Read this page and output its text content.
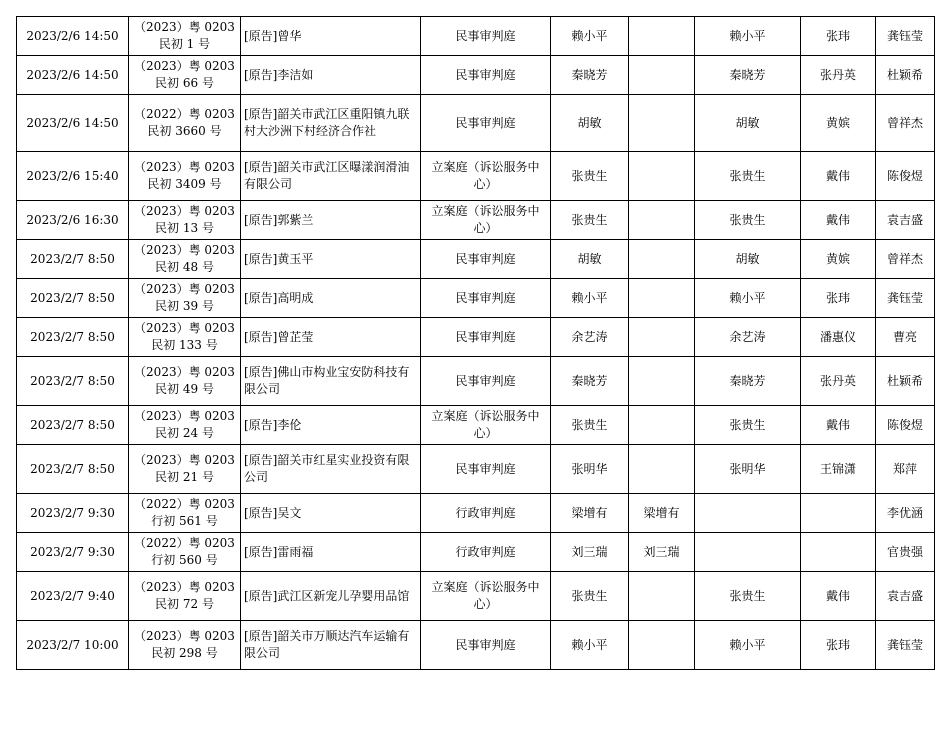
2023/2/6 14:50	（2023）粤 0203 民初 1 号	[原告]曾华	民事审判庭	赖小平		赖小平	张玮	龚钰莹
2023/2/6 14:50	（2023）粤 0203 民初 66 号	[原告]李洁如	民事审判庭	秦晓芳		秦晓芳	张丹英	杜颖希
2023/2/6 14:50	（2022）粤 0203 民初 3660 号	[原告]韶关市武江区重阳镇九联村大沙洲下村经济合作社	民事审判庭	胡敏		胡敏	黄嫔	曾祥杰
2023/2/6 15:40	（2023）粤 0203 民初 3409 号	[原告]韶关市武江区曝漾润滑油有限公司	立案庭（诉讼服务中心）	张贵生		张贵生	戴伟	陈俊煜
2023/2/6 16:30	（2023）粤 0203 民初 13 号	[原告]郭紫兰	立案庭（诉讼服务中心）	张贵生		张贵生	戴伟	袁吉盛
2023/2/7 8:50	（2023）粤 0203 民初 48 号	[原告]黄玉平	民事审判庭	胡敏		胡敏	黄嫔	曾祥杰
2023/2/7 8:50	（2023）粤 0203 民初 39 号	[原告]高明成	民事审判庭	赖小平		赖小平	张玮	龚钰莹
2023/2/7 8:50	（2023）粤 0203 民初 133 号	[原告]曾芷莹	民事审判庭	余艺涛		余艺涛	潘惠仪	曹亮
2023/2/7 8:50	（2023）粤 0203 民初 49 号	[原告]佛山市构业宝安防科技有限公司	民事审判庭	秦晓芳		秦晓芳	张丹英	杜颖希
2023/2/7 8:50	（2023）粤 0203 民初 24 号	[原告]李伦	立案庭（诉讼服务中心）	张贵生		张贵生	戴伟	陈俊煜
2023/2/7 8:50	（2023）粤 0203 民初 21 号	[原告]韶关市红星实业投资有限公司	民事审判庭	张明华		张明华	王锦潇	郑萍
2023/2/7 9:30	（2022）粤 0203 行初 561 号	[原告]吴文	行政审判庭	梁增有	梁增有			李优涵
2023/2/7 9:30	（2022）粤 0203 行初 560 号	[原告]雷雨福	行政审判庭	刘三瑞	刘三瑞			官贵强
2023/2/7 9:40	（2023）粤 0203 民初 72 号	[原告]武江区新宠儿孕婴用品馆	立案庭（诉讼服务中心）	张贵生		张贵生	戴伟	袁吉盛
2023/2/7 10:00	（2023）粤 0203 民初 298 号	[原告]韶关市万顺达汽车运输有限公司	民事审判庭	赖小平		赖小平	张玮	龚钰莹
